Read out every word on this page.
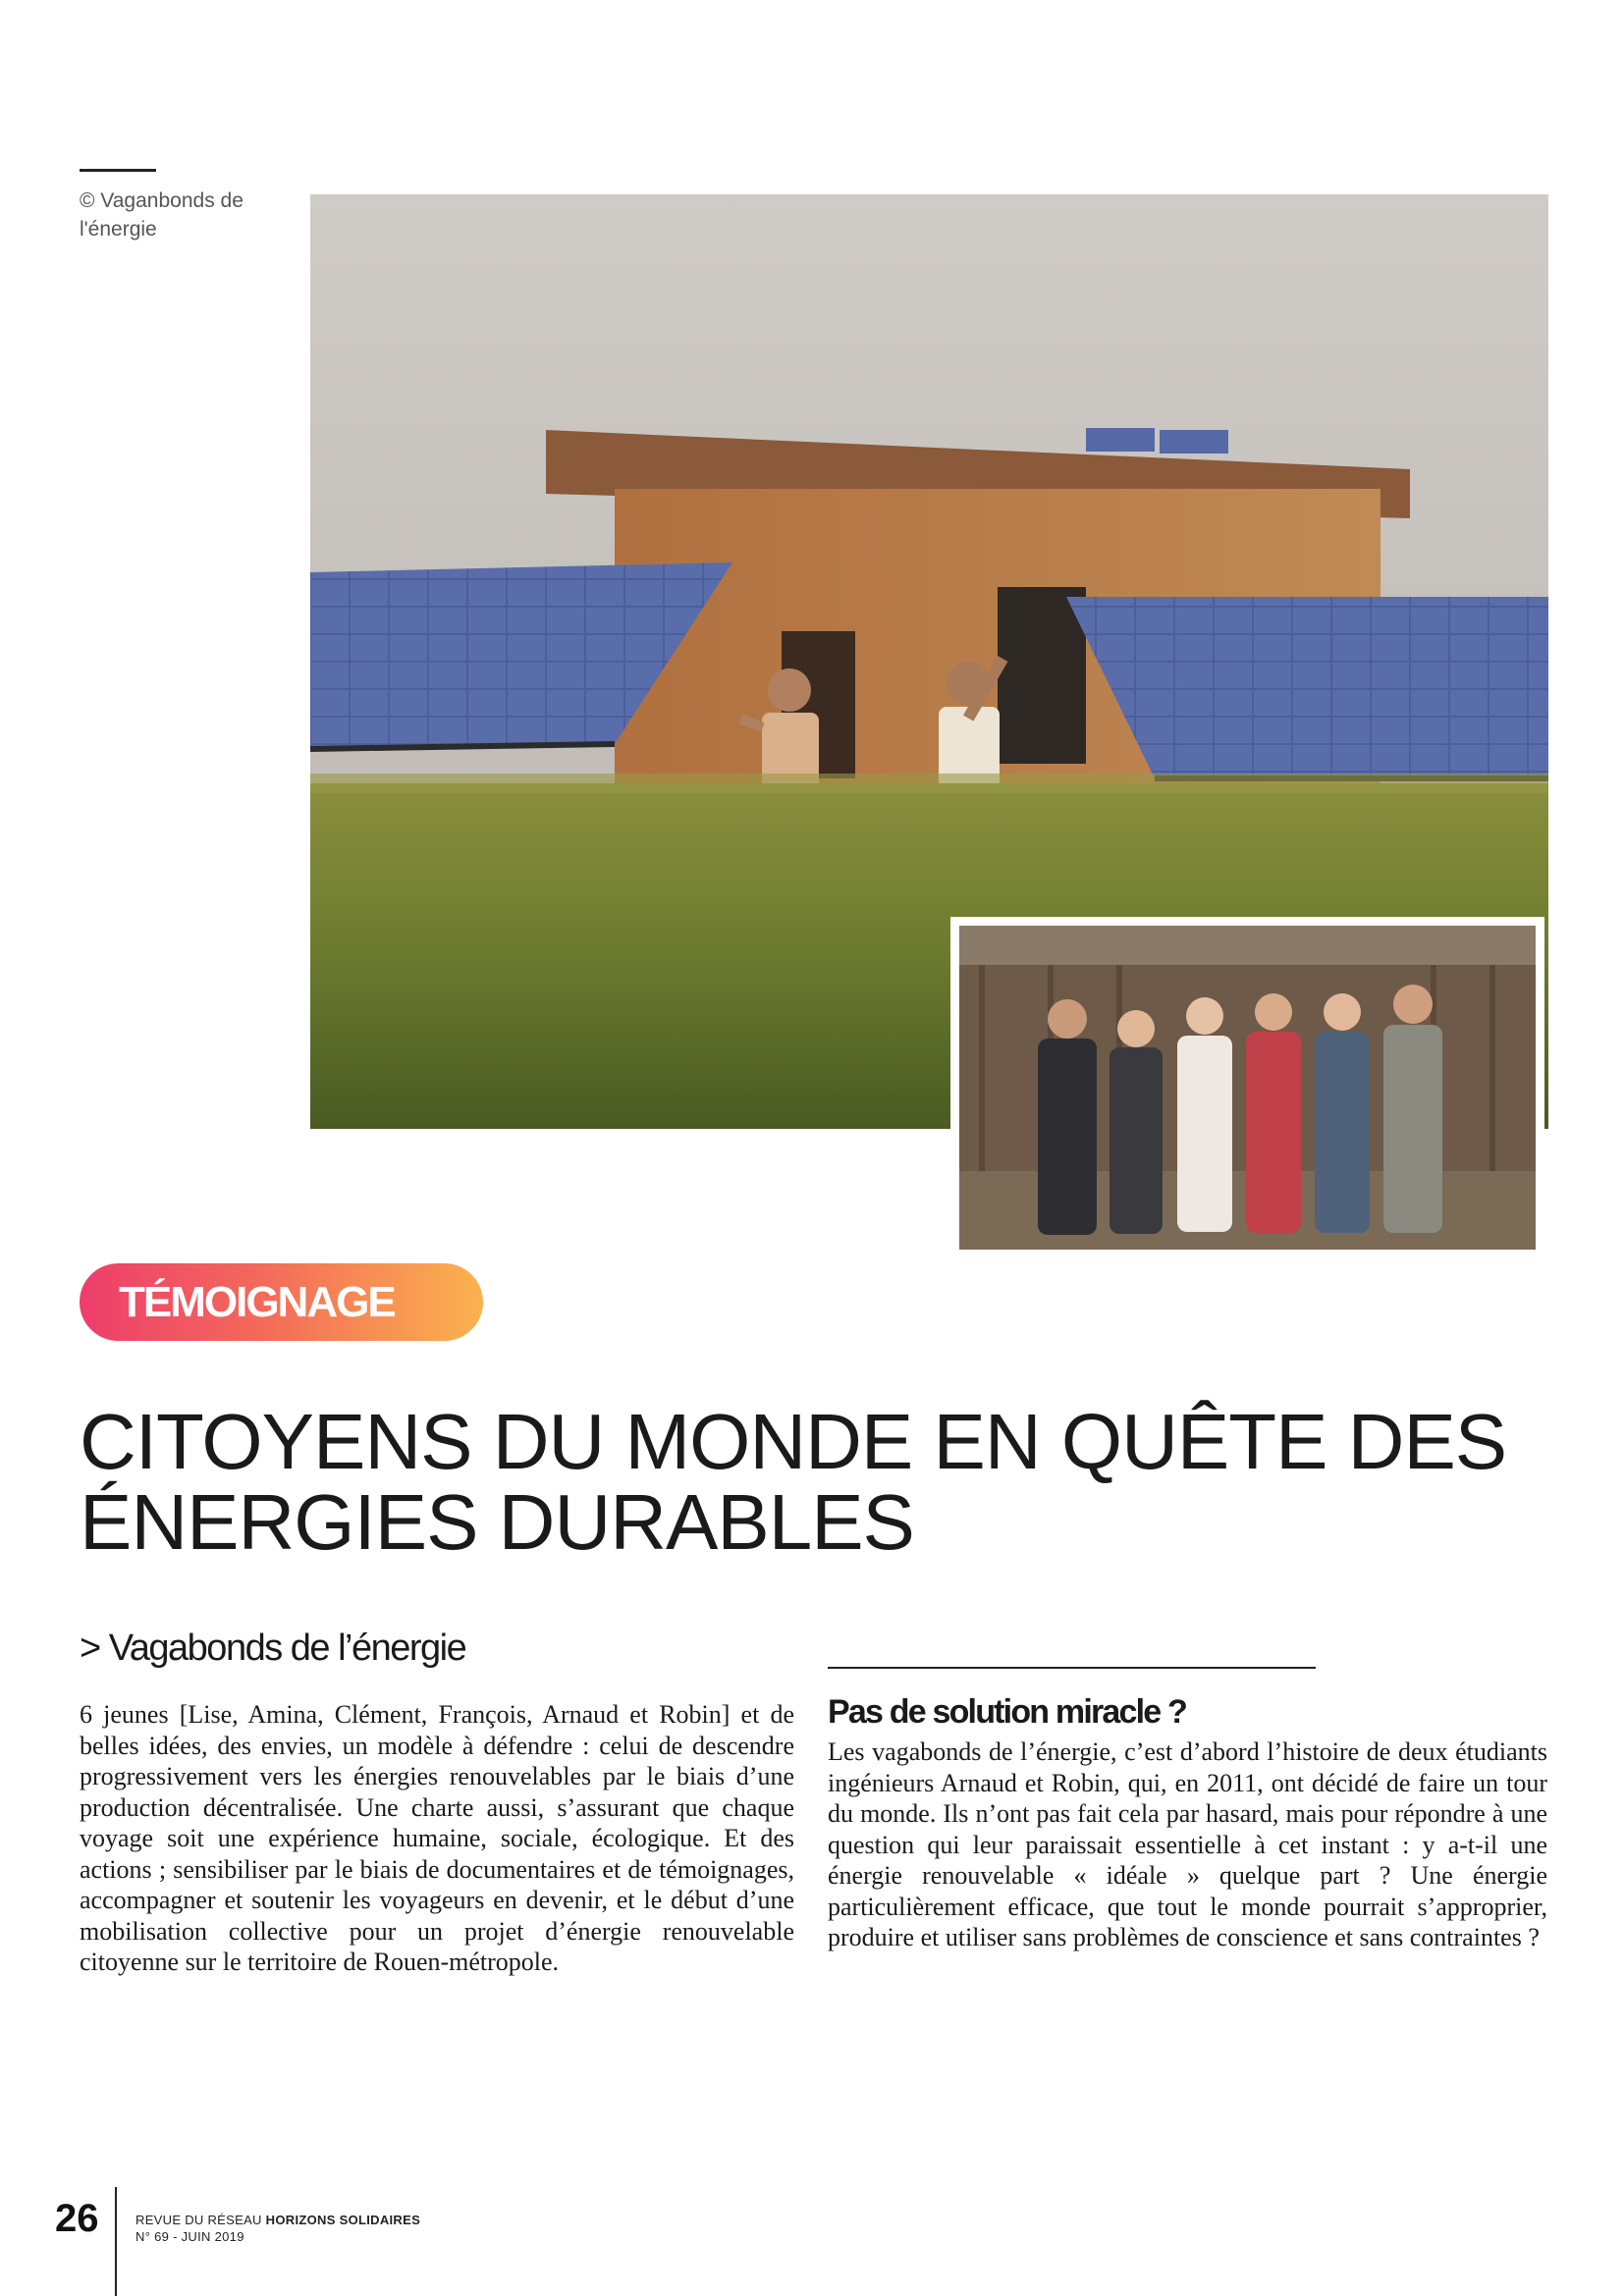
© Vaganbonds de l'énergie
TÉMOIGNAGE
CITOYENS DU MONDE EN QUÊTE DES
ÉNERGIES DURABLES
> Vagabonds de l’énergie

6 jeunes [Lise, Amina, Clément, François, Arnaud et Robin] et de belles idées, des envies, un modèle à défendre : celui de descendre progressivement vers les énergies renouvelables par le biais d’une production décentralisée. Une charte aussi, s’assurant que chaque voyage soit une expérience humaine, sociale, écologique. Et des actions ; sensibiliser par le biais de documentaires et de témoignages, accompagner et soutenir les voyageurs en devenir, et le début d’une mobilisation collective pour un projet d’énergie renouvelable citoyenne sur le territoire de Rouen-métropole.

Pas de solution miracle ?

Les vagabonds de l’énergie, c’est d’abord l’histoire de deux étudiants ingénieurs Arnaud et Robin, qui, en 2011, ont décidé de faire un tour du monde. Ils n’ont pas fait cela par hasard, mais pour répondre à une question qui leur paraissait essentielle à cet instant : y a-t-il une énergie renouvelable « idéale » quelque part ? Une énergie particulièrement efficace, que tout le monde pourrait s’approprier, produire et utiliser sans problèmes de conscience et sans contraintes ?

26	REVUE DU RÉSEAU HORIZONS SOLIDAIRES
N° 69 - JUIN 2019
